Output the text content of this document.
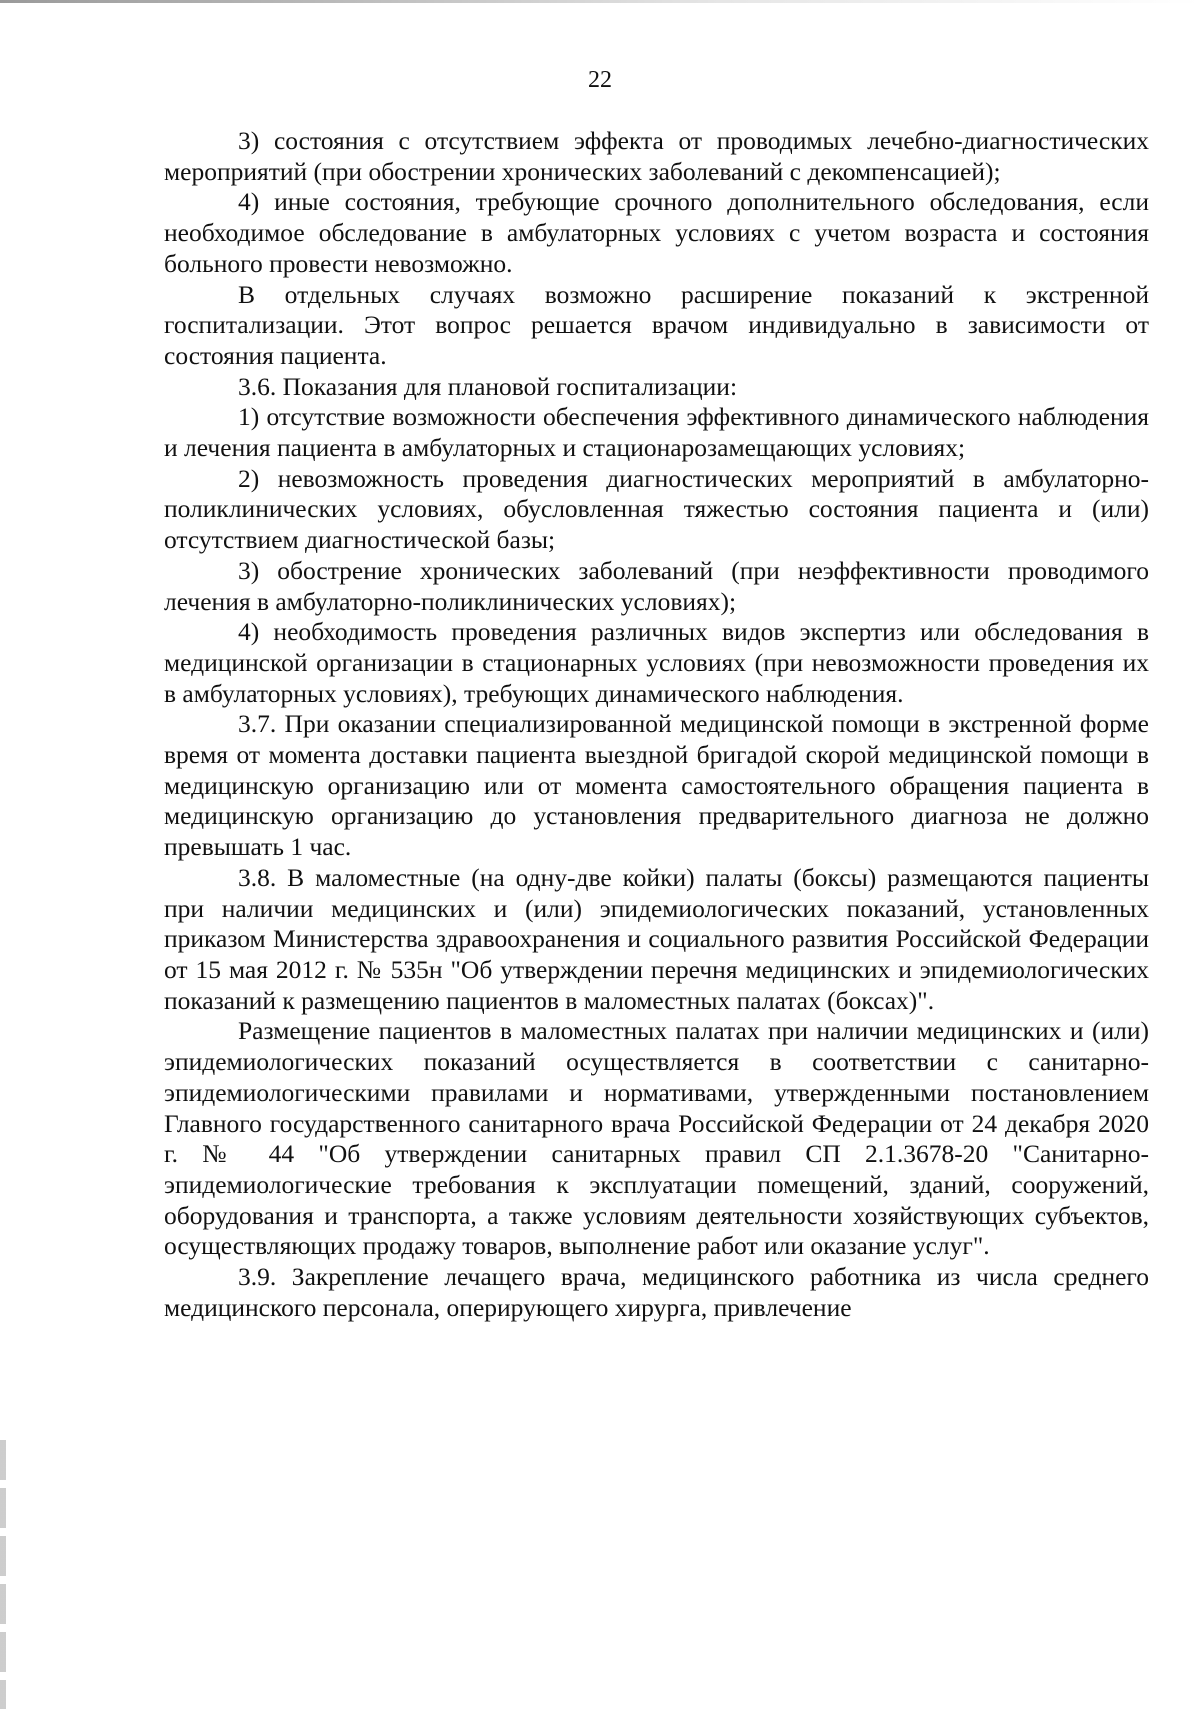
22

3) состояния с отсутствием эффекта от проводимых лечебно-диагностических мероприятий (при обострении хронических заболеваний с декомпенсацией);

4) иные состояния, требующие срочного дополнительного обследования, если необходимое обследование в амбулаторных условиях с учетом возраста и состояния больного провести невозможно.

В отдельных случаях возможно расширение показаний к экстренной госпитализации. Этот вопрос решается врачом индивидуально в зависимости от состояния пациента.

3.6. Показания для плановой госпитализации:

1) отсутствие возможности обеспечения эффективного динамического наблюдения и лечения пациента в амбулаторных и стационарозамещающих условиях;

2) невозможность проведения диагностических мероприятий в амбулаторно-поликлинических условиях, обусловленная тяжестью состояния пациента и (или) отсутствием диагностической базы;

3) обострение хронических заболеваний (при неэффективности проводимого лечения в амбулаторно-поликлинических условиях);

4) необходимость проведения различных видов экспертиз или обследования в медицинской организации в стационарных условиях (при невозможности проведения их в амбулаторных условиях), требующих динамического наблюдения.

3.7. При оказании специализированной медицинской помощи в экстренной форме время от момента доставки пациента выездной бригадой скорой медицинской помощи в медицинскую организацию или от момента самостоятельного обращения пациента в медицинскую организацию до установления предварительного диагноза не должно превышать 1 час.

3.8. В маломестные (на одну-две койки) палаты (боксы) размещаются пациенты при наличии медицинских и (или) эпидемиологических показаний, установленных приказом Министерства здравоохранения и социального развития Российской Федерации от 15 мая 2012 г. № 535н "Об утверждении перечня медицинских и эпидемиологических показаний к размещению пациентов в маломестных палатах (боксах)".

Размещение пациентов в маломестных палатах при наличии медицинских и (или) эпидемиологических показаний осуществляется в соответствии с санитарно-эпидемиологическими правилами и нормативами, утвержденными постановлением Главного государственного санитарного врача Российской Федерации от 24 декабря 2020 г. № 44 "Об утверждении санитарных правил СП 2.1.3678-20 "Санитарно-эпидемиологические требования к эксплуатации помещений, зданий, сооружений, оборудования и транспорта, а также условиям деятельности хозяйствующих субъектов, осуществляющих продажу товаров, выполнение работ или оказание услуг".

3.9. Закрепление лечащего врача, медицинского работника из числа среднего медицинского персонала, оперирующего хирурга, привлечение
